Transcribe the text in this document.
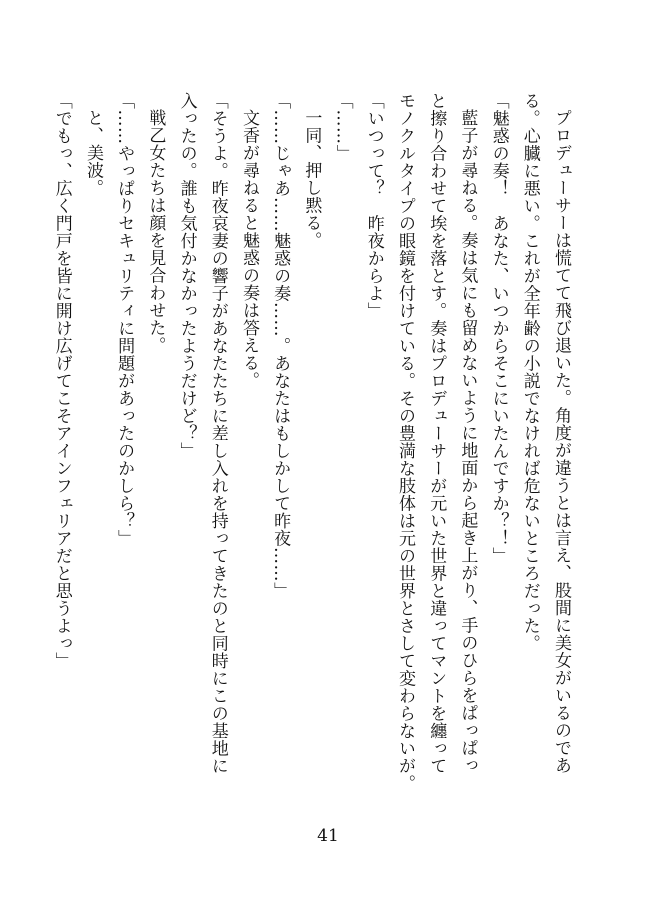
プロデューサーは慌てて飛び退いた。角度が違うとは言え、股間に美女がいるのであ

る。心臓に悪い。これが全年齢の小説でなければ危ないところだった。

「魅惑の奏！　あなた、いつからそこにいたんですか？！」

藍子が尋ねる。奏は気にも留めないように地面から起き上がり、手のひらをぱっぱっ

と擦り合わせて埃を落とす。奏はプロデューサーが元いた世界と違ってマントを纏って

モノクルタイプの眼鏡を付けている。その豊満な肢体は元の世界とさして変わらないが。

「いつって？　昨夜からよ」

「……」

一同、押し黙る。

「……じゃあ……魅惑の奏……。あなたはもしかして昨夜……」

文香が尋ねると魅惑の奏は答える。

「そうよ。昨夜哀妻の響子があなたたちに差し入れを持ってきたのと同時にこの基地に

入ったの。誰も気付かなかったようだけど？」

戦乙女たちは顔を見合わせた。

「……やっぱりセキュリティに問題があったのかしら？」

と、美波。

「でもっ、広く門戸を皆に開け広げてこそアインフェリアだと思うよっ」

41
